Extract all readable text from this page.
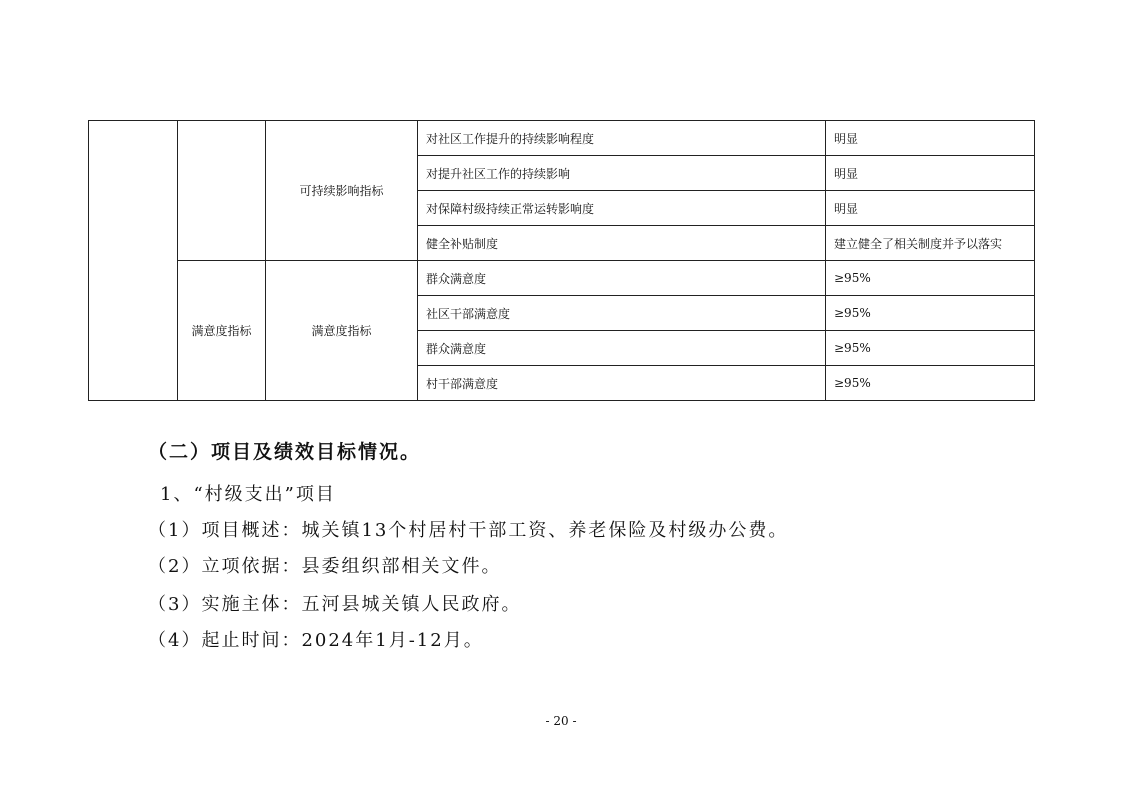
		可持续影响指标	对社区工作提升的持续影响程度	明显
			对提升社区工作的持续影响	明显
			对保障村级持续正常运转影响度	明显
			健全补贴制度	建立健全了相关制度并予以落实
	满意度指标	满意度指标	群众满意度	≥95%
			社区干部满意度	≥95%
			群众满意度	≥95%
			村干部满意度	≥95%
（二）项目及绩效目标情况。
1、“村级支出”项目
（1）项目概述：城关镇13个村居村干部工资、养老保险及村级办公费。
（2）立项依据：县委组织部相关文件。
（3）实施主体：五河县城关镇人民政府。
（4）起止时间：2024年1月-12月。
- 20 -
